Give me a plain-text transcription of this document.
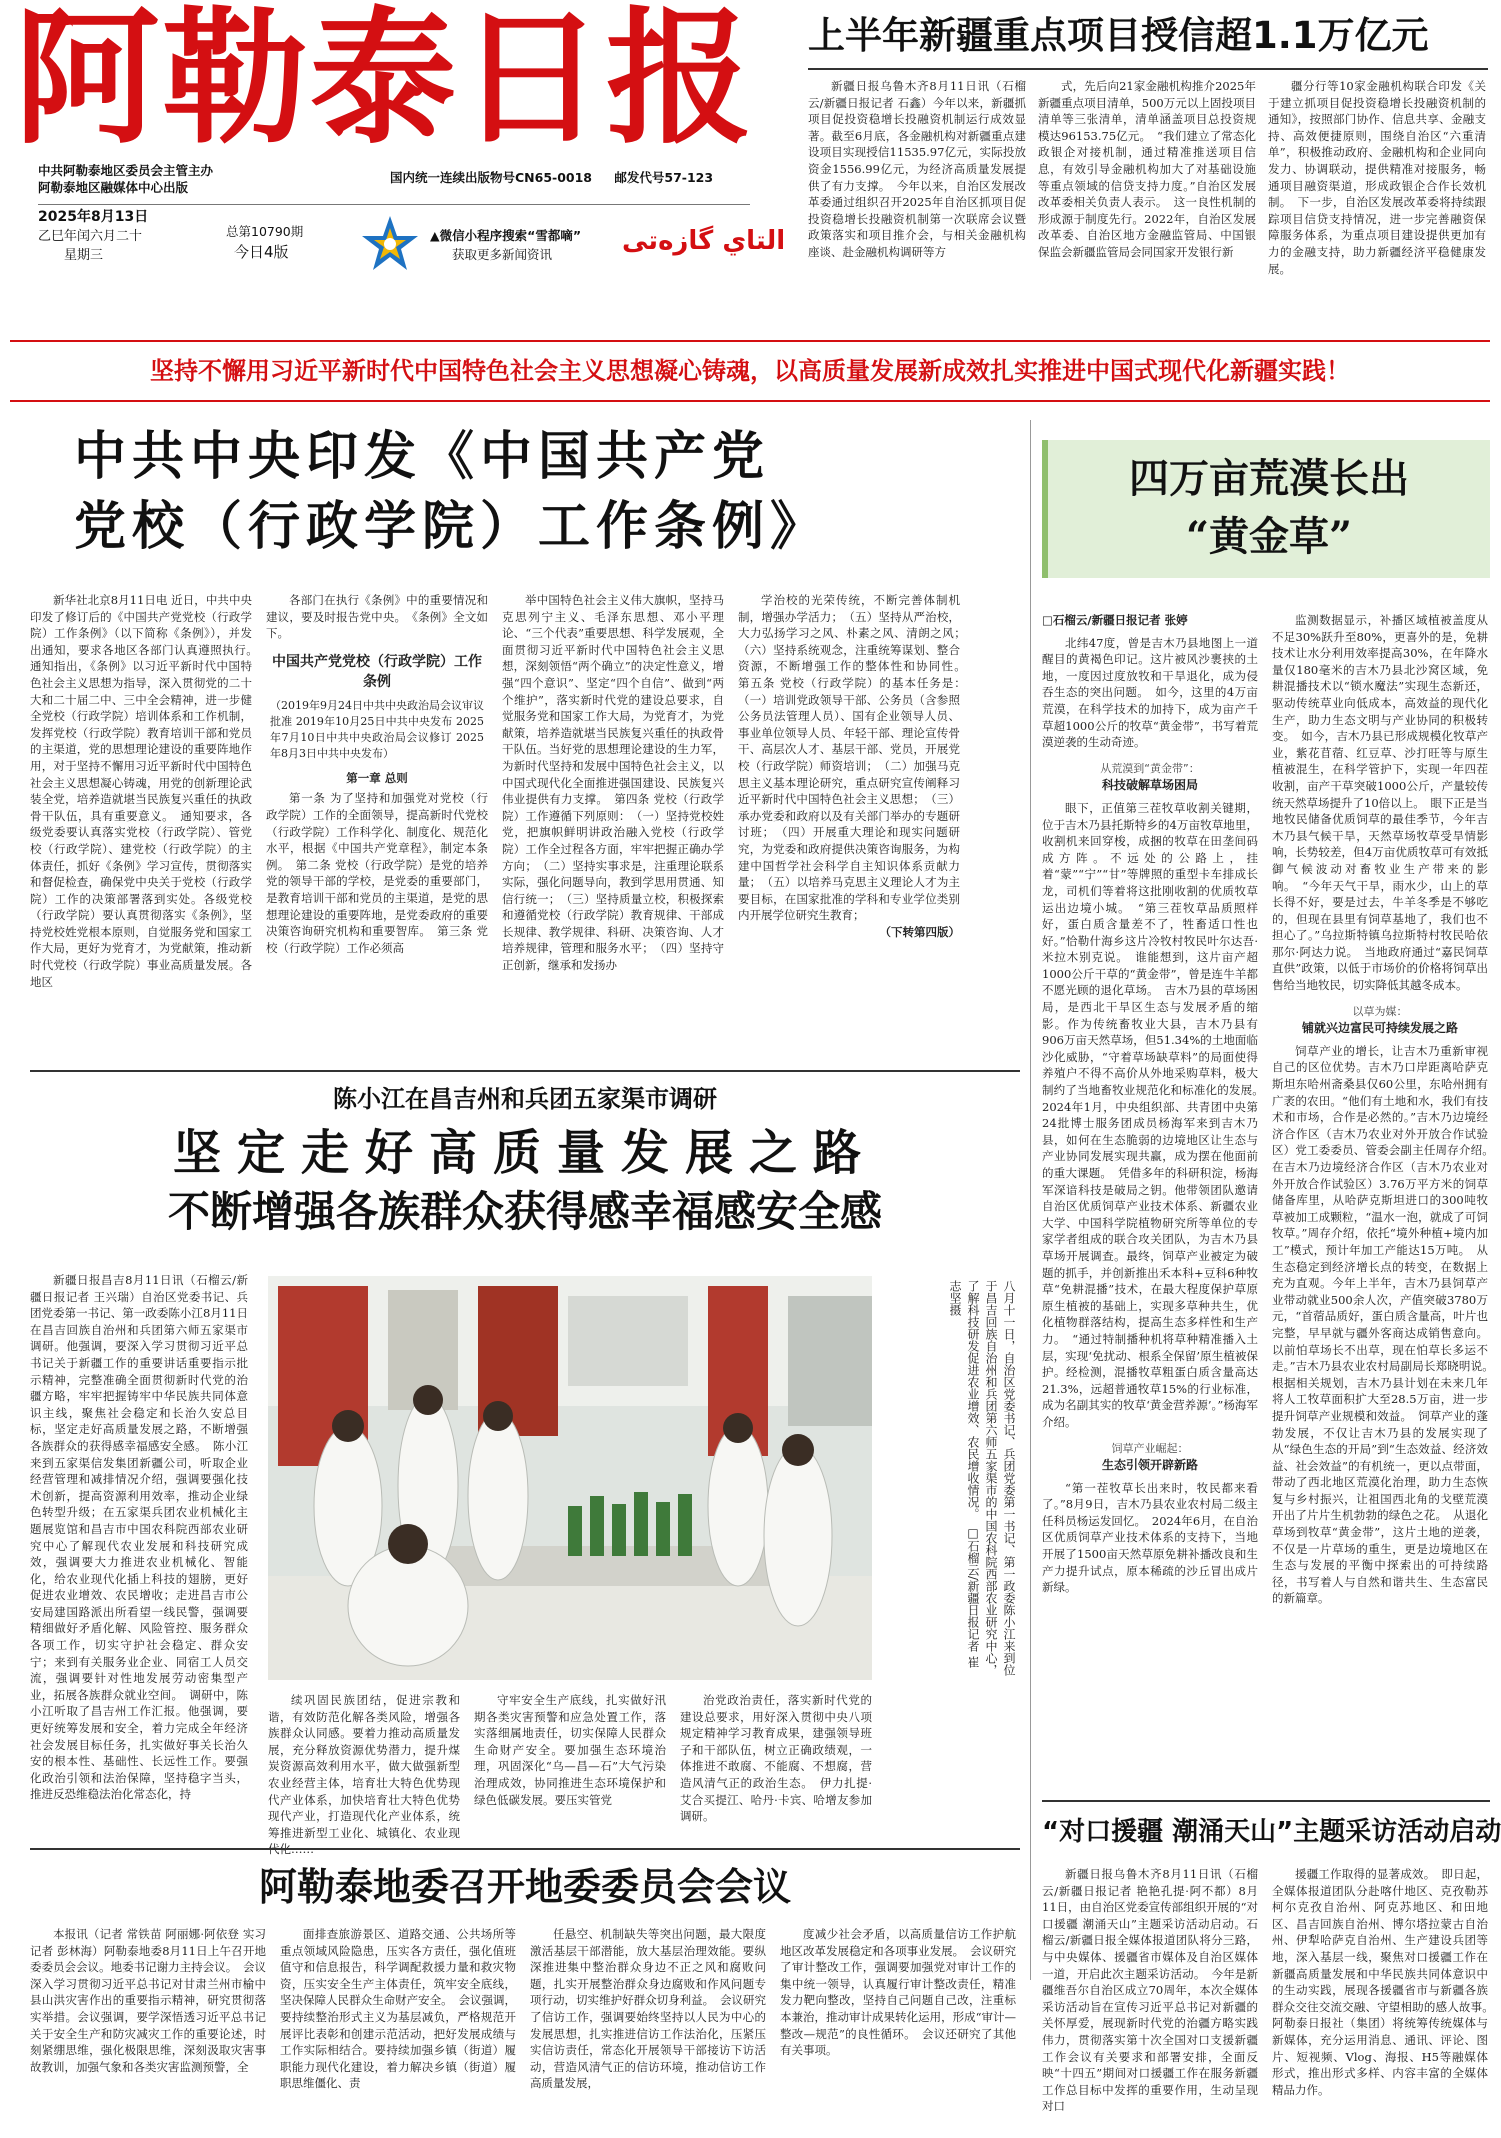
阿勒泰日报
中共阿勒泰地区委员会主管主办
阿勒泰地区融媒体中心出版
国内统一连续出版物号CN65-0018 邮发代号57-123
2025年8月13日
乙巳年闰六月二十
星期三
总第10790期
今日4版
▲微信小程序搜索“雪都嘀”
获取更多新闻资讯	التاي گازەتى
上半年新疆重点项目授信超1.1万亿元

新疆日报乌鲁木齐8月11日讯（石榴云/新疆日报记者 石鑫）今年以来，新疆抓项目促投资稳增长投融资机制运行成效显著。截至6月底，各金融机构对新疆重点建设项目实现授信11535.97亿元，实际投放资金1556.99亿元，为经济高质量发展提供了有力支撑。　今年以来，自治区发展改革委通过组织召开2025年自治区抓项目促投资稳增长投融资机制第一次联席会议暨政策落实和项目推介会，与相关金融机构座谈、赴金融机构调研等方

式，先后向21家金融机构推介2025年新疆重点项目清单，500万元以上固投项目清单等三张清单，清单涵盖项目总投资规模达96153.75亿元。　“我们建立了常态化政银企对接机制，通过精准推送项目信息，有效引导金融机构加大了对基础设施等重点领域的信贷支持力度。”自治区发展改革委相关负责人表示。　这一良性机制的形成源于制度先行。2022年，自治区发展改革委、自治区地方金融监管局、中国银保监会新疆监管局会同国家开发银行新

疆分行等10家金融机构联合印发《关于建立抓项目促投资稳增长投融资机制的通知》，按照部门协作、信息共享、金融支持、高效便捷原则，围绕自治区“六重清单”，积极推动政府、金融机构和企业同向发力、协调联动，提供精准对接服务，畅通项目融资渠道，形成政银企合作长效机制。　下一步，自治区发展改革委将持续跟踪项目信贷支持情况，进一步完善融资保障服务体系，为重点项目建设提供更加有力的金融支持，助力新疆经济平稳健康发展。

坚持不懈用习近平新时代中国特色社会主义思想凝心铸魂，以高质量发展新成效扎实推进中国式现代化新疆实践！
中共中央印发《中国共产党
党校（行政学院）工作条例》

新华社北京8月11日电 近日，中共中央印发了修订后的《中国共产党党校（行政学院）工作条例》（以下简称《条例》），并发出通知，要求各地区各部门认真遵照执行。　通知指出，《条例》以习近平新时代中国特色社会主义思想为指导，深入贯彻党的二十大和二十届二中、三中全会精神，进一步健全党校（行政学院）培训体系和工作机制，发挥党校（行政学院）教育培训干部和党员的主渠道，党的思想理论建设的重要阵地作用，对于坚持不懈用习近平新时代中国特色社会主义思想凝心铸魂，用党的创新理论武装全党，培养造就堪当民族复兴重任的执政骨干队伍，具有重要意义。　通知要求，各级党委要认真落实党校（行政学院）、管党校（行政学院）、建党校（行政学院）的主体责任，抓好《条例》学习宣传，贯彻落实和督促检查，确保党中央关于党校（行政学院）工作的决策部署落到实处。各级党校（行政学院）要认真贯彻落实《条例》，坚持党校姓党根本原则，自觉服务党和国家工作大局，更好为党育才，为党献策，推动新时代党校（行政学院）事业高质量发展。各地区

各部门在执行《条例》中的重要情况和建议，要及时报告党中央。　《条例》全文如下。

中国共产党党校（行政学院）工作条例
（2019年9月24日中共中央政治局会议审议批准 2019年10月25日中共中央发布 2025年7月10日中共中央政治局会议修订 2025年8月3日中共中央发布）
第一章 总则

第一条 为了坚持和加强党对党校（行政学院）工作的全面领导，提高新时代党校（行政学院）工作科学化、制度化、规范化水平，根据《中国共产党章程》，制定本条例。　第二条 党校（行政学院）是党的培养党的领导干部的学校，是党委的重要部门，是教育培训干部和党员的主渠道，是党的思想理论建设的重要阵地，是党委政府的重要决策咨询研究机构和重要智库。　第三条 党校（行政学院）工作必须高

举中国特色社会主义伟大旗帜，坚持马克思列宁主义、毛泽东思想、邓小平理论、“三个代表”重要思想、科学发展观，全面贯彻习近平新时代中国特色社会主义思想，深刻领悟“两个确立”的决定性意义，增强“四个意识”、坚定“四个自信”、做到“两个维护”，落实新时代党的建设总要求，自觉服务党和国家工作大局，为党育才，为党献策，培养造就堪当民族复兴重任的执政骨干队伍。当好党的思想理论建设的生力军，为新时代坚持和发展中国特色社会主义，以中国式现代化全面推进强国建设、民族复兴伟业提供有力支撑。　第四条 党校（行政学院）工作遵循下列原则：　（一）坚持党校姓党，把旗帜鲜明讲政治融入党校（行政学院）工作全过程各方面，牢牢把握正确办学方向；　（二）坚持实事求是，注重理论联系实际，强化问题导向，教到学思用贯通、知信行统一；　（三）坚持质量立校，积极探索和遵循党校（行政学院）教育规律、干部成长规律、教学规律、科研、决策咨询、人才培养规律，管理和服务水平；　（四）坚持守正创新，继承和发扬办

学治校的光荣传统，不断完善体制机制，增强办学活力；　（五）坚持从严治校，大力弘扬学习之风、朴素之风、清朗之风；　（六）坚持系统观念，注重统筹谋划、整合资源，不断增强工作的整体性和协同性。　第五条 党校（行政学院）的基本任务是：　（一）培训党政领导干部、公务员（含参照公务员法管理人员）、国有企业领导人员、事业单位领导人员、年轻干部、理论宣传骨干、高层次人才、基层干部、党员，开展党校（行政学院）师资培训；　（二）加强马克思主义基本理论研究，重点研究宣传阐释习近平新时代中国特色社会主义思想；　（三）承办党委和政府以及有关部门举办的专题研讨班；　（四）开展重大理论和现实问题研究，为党委和政府提供决策咨询服务，为构建中国哲学社会科学自主知识体系贡献力量；　（五）以培养马克思主义理论人才为主要目标，在国家批准的学科和专业学位类别内开展学位研究生教育；

（下转第四版）
四万亩荒漠长出
“黄金草”
□石榴云/新疆日报记者 张婷

北纬47度，曾是吉木乃县地图上一道醒目的黄褐色印记。这片被风沙裹挟的土地，一度因过度放牧和干旱退化，成为侵吞生态的突出问题。　如今，这里的4万亩荒漠，在科学技术的加持下，成为亩产千草超1000公斤的牧草“黄金带”，书写着荒漠逆袭的生动奇迹。

从荒漠到“黄金带”：
科技破解草场困局

眼下，正值第三茬牧草收割关键期，位于吉木乃县托斯特乡的4万亩牧草地里，收割机来回穿梭，成捆的牧草在田垄间码成方阵。不远处的公路上，挂着“蒙”“宁”“甘”等牌照的重型卡车排成长龙，司机们等着将这批刚收割的优质牧草运出边境小城。　“第三茬牧草品质照样好，蛋白质含量差不了，牲畜适口性也好。”恰勒什海乡这片冷牧村牧民叶尔达吾·米拉木别克说。　谁能想到，这片亩产超1000公斤干草的“黄金带”，曾是连牛羊都不愿光顾的退化草场。　吉木乃县的草场困局，是西北干旱区生态与发展矛盾的缩影。作为传统畜牧业大县，吉木乃县有906万亩天然草场，但51.34%的土地面临沙化威胁，“守着草场缺草料”的局面使得养殖户不得不高价从外地采购草料，极大制约了当地畜牧业规范化和标准化的发展。　2024年1月，中央组织部、共青团中央第24批博士服务团成员杨海军来到吉木乃县，如何在生态脆弱的边境地区让生态与产业协同发展实现共赢，成为摆在他面前的重大课题。　凭借多年的科研积淀，杨海军深谙科技是破局之钥。他带领团队邀请自治区优质饲草产业技术体系、新疆农业大学、中国科学院植物研究所等单位的专家学者组成的联合攻关团队，为吉木乃县草场开展调查。最终，饲草产业被定为破题的抓手，并创新推出禾本科+豆科6种牧草“免耕混播”技术，在最大程度保护草原原生植被的基础上，实现多草种共生，优化植物群落结构，提高生态多样性和生产力。　“通过特制播种机将草种精准播入土层，实现‘免扰动、根系全保留’原生植被保护。经检测，混播牧草粗蛋白质含量高达21.3%，远超普通牧草15%的行业标准，成为名副其实的牧草‘黄金营养源’。”杨海军介绍。

饲草产业崛起：
生态引领开辟新路

“第一茬牧草长出来时，牧民都来看了。”8月9日，吉木乃县农业农村局二级主任科员杨运发回忆。　2024年6月，在自治区优质饲草产业技术体系的支持下，当地开展了1500亩天然草原免耕补播改良和生产力提升试点，原本稀疏的沙丘冒出成片新绿。

监测数据显示，补播区域植被盖度从不足30%跃升至80%，更喜外的是，免耕技术让水分利用效率提高30%，在年降水量仅180毫米的吉木乃县北沙窝区域，免耕混播技术以“锁水魔法”实现生态新还，驱动传统草业向低成本，高效益的现代化生产，助力生态文明与产业协同的积极转变。　如今，吉木乃县已形成规模化牧草产业，紫花苜蓿、红豆草、沙打旺等与原生植被混生，在科学管护下，实现一年四茬收割，亩产干草突破1000公斤，产量较传统天然草场提升了10倍以上。　眼下正是当地牧民储备优质饲草的最佳季节，今年吉木乃县气候干旱，天然草场牧草受旱情影响，长势较差，但4万亩优质牧草可有效抵御气候波动对畜牧业生产带来的影响。　“今年天气干旱，雨水少，山上的草长得不好，要是过去，牛羊冬季是不够吃的，但现在县里有饲草基地了，我们也不担心了。”乌拉斯特镇乌拉斯特村牧民哈依那尔·阿达力说。　当地政府通过“嘉民饲草直供”政策，以低于市场价的价格将饲草出售给当地牧民，切实降低其越冬成本。

以草为媒：
铺就兴边富民可持续发展之路

饲草产业的增长，让吉木乃重新审视自己的区位优势。吉木乃口岸距离哈萨克斯坦东哈州斋桑县仅60公里，东哈州拥有广袤的农田。“他们有土地和水，我们有技术和市场，合作是必然的。”吉木乃边境经济合作区（吉木乃农业对外开放合作试验区）党工委委员、管委会副主任周存介绍。　在吉木乃边境经济合作区（吉木乃农业对外开放合作试验区）3.76万平方米的饲草储备库里，从哈萨克斯坦进口的300吨牧草被加工成颗粒，“温水一泡，就成了可饲牧草。”周存介绍，依托“境外种植+境内加工”模式，预计年加工产能达15万吨。　从生态稳定到经济增长点的转变，在数据上充为直观。今年上半年，吉木乃县饲草产业带动就业500余人次，产值突破3780万元，“首蓿品质好，蛋白质含量高，叶片也完整，早早就与疆外客商达成销售意向。以前怕草场长不出草，现在怕草长多运不走。”吉木乃县农业农村局副局长郑晓明说。　根据相关规划，吉木乃县计划在未来几年将人工牧草面积扩大至28.5万亩，进一步提升饲草产业规模和效益。　饲草产业的蓬勃发展，不仅让吉木乃县的发展实现了从“绿色生态的开局”到“生态效益、经济效益、社会效益”的有机统一，更以点带面，带动了西北地区荒漠化治理，助力生态恢复与乡村振兴，让祖国西北角的戈壁荒漠开出了片片生机勃勃的绿色之花。　从退化草场到牧草“黄金带”，这片土地的逆袭，不仅是一片草场的重生，更是边境地区在生态与发展的平衡中探索出的可持续路径，书写着人与自然和谐共生、生态富民的新篇章。

陈小江在昌吉州和兵团五家渠市调研
坚定走好高质量发展之路
不断增强各族群众获得感幸福感安全感

新疆日报昌吉8月11日讯（石榴云/新疆日报记者 王兴瑞）自治区党委书记、兵团党委第一书记、第一政委陈小江8月11日在昌吉回族自治州和兵团第六师五家渠市调研。他强调，要深入学习贯彻习近平总书记关于新疆工作的重要讲话重要指示批示精神，完整准确全面贯彻新时代党的治疆方略，牢牢把握铸牢中华民族共同体意识主线，聚焦社会稳定和长治久安总目标，坚定走好高质量发展之路，不断增强各族群众的获得感幸福感安全感。　陈小江来到五家渠信发集团新疆公司，听取企业经营管理和减排情况介绍，强调要强化技术创新，提高资源利用效率，推动企业绿色转型升级；在五家渠兵团农业机械化主题展览馆和昌吉市中国农科院西部农业研究中心了解现代农业发展和科技研究成效，强调要大力推进农业机械化、智能化，给农业现代化插上科技的翅膀，更好促进农业增效、农民增收；走进昌吉市公安局建国路派出所看望一线民警，强调要精细做好矛盾化解、风险管控、服务群众各项工作，切实守护社会稳定、群众安宁；来到有关服务业企业、同宿工人员交流，强调要针对性地发展劳动密集型产业，拓展各族群众就业空间。　调研中，陈小江听取了昌吉州工作汇报。他强调，要更好统筹发展和安全，着力完成全年经济社会发展目标任务，扎实做好事关长治久安的根本性、基础性、长远性工作。要强化政治引领和法治保障，坚持稳字当头，推进反恐维稳法治化常态化，持

八月十一日，自治区党委书记、兵团党委第一书记、第一政委陈小江来到位于昌吉回族自治州和兵团第六师五家渠市的中国农科院西部农业研究中心，了解科技研发促进农业增效、农民增收情况。　□石榴云/新疆日报记者 崔志坚摄

续巩固民族团结，促进宗教和谐，有效防范化解各类风险，增强各族群众认同感。要着力推动高质量发展，充分释放资源优势潜力，提升煤炭资源高效利用水平，做大做强新型农业经营主体，培育壮大特色优势现代产业体系，加快培育壮大特色优势现代产业，打造现代化产业体系，统筹推进新型工业化、城镇化、农业现

守牢安全生产底线，扎实做好汛期各类灾害预警和应急处置工作，落实落细属地责任，切实保障人民群众生命财产安全。要加强生态环境治理，巩固深化“乌—昌—石”大气污染治理成效，协同推进生态环境保护和绿色低碳发展。要压实管党

治党政治责任，落实新时代党的建设总要求，用好深入贯彻中央八项规定精神学习教育成果，建强领导班子和干部队伍，树立正确政绩观，一体推进不敢腐、不能腐、不想腐，营造风清气正的政治生态。　伊力扎提·艾合买提江、哈丹·卡宾、哈增友参加调研。

阿勒泰地委召开地委委员会会议

本报讯（记者 常铁苗 阿丽娜·阿依登 实习记者 彭林海）阿勒泰地委8月11日上午召开地委委员会会议。地委书记谢力主持会议。　会议深入学习贯彻习近平总书记对甘肃兰州市榆中县山洪灾害作出的重要指示精神，研究贯彻落实举措。会议强调，要学深悟透习近平总书记关于安全生产和防灾减灾工作的重要论述，时刻紧绷思维，强化极限思维，深刻汲取灾害事故教训，加强气象和各类灾害监测预警，全

面排查旅游景区、道路交通、公共场所等重点领域风险隐患，压实各方责任，强化值班值守和信息报告，科学调配救援力量和救灾物资，压实安全生产主体责任，筑牢安全底线，坚决保障人民群众生命财产安全。　会议强调，要持续整治形式主义为基层减负，严格规范开展评比表彰和创建示范活动，把好发展成绩与工作实际相结合。要持续加强乡镇（街道）履职能力现代化建设，着力解决乡镇（街道）履职思维僵化、责

任悬空、机制缺失等突出问题，最大限度激活基层干部潜能，放大基层治理效能。要纵深推进集中整治群众身边不正之风和腐败问题，扎实开展整治群众身边腐败和作风问题专项行动，切实维护好群众切身利益。　会议研究了信访工作，强调要始终坚持以人民为中心的发展思想，扎实推进信访工作法治化，压紧压实信访责任，常态化开展领导干部接访下访活动，营造风清气正的信访环境，推动信访工作高质量发展，

度减少社会矛盾，以高质量信访工作护航地区改革发展稳定和各项事业发展。　会议研究了审计整改工作，强调要加强党对审计工作的集中统一领导，认真履行审计整改责任，精准发力靶向整改，坚持自己问题自己改，注重标本兼治，推动审计成果转化运用，形成“审计—整改—规范”的良性循环。　会议还研究了其他有关事项。

“对口援疆 潮涌天山”主题采访活动启动

新疆日报乌鲁木齐8月11日讯（石榴云/新疆日报记者 艳艳孔提·阿不都）8月11日，由自治区党委宣传部组织开展的“对口援疆 潮涌天山”主题采访活动启动。石榴云/新疆日报全媒体报道团队将分三路，与中央媒体、援疆省市媒体及自治区媒体一道，开启此次主题采访活动。　今年是新疆维吾尔自治区成立70周年，本次全媒体采访活动旨在宣传习近平总书记对新疆的关怀厚爱，展现新时代党的治疆方略实践伟力，贯彻落实第十次全国对口支援新疆工作会议有关要求和部署安排，全面反映“十四五”期间对口援疆工作在服务新疆工作总目标中发挥的重要作用，生动呈现对口

援疆工作取得的显著成效。　即日起，全媒体报道团队分赴喀什地区、克孜勒苏柯尔克孜自治州、阿克苏地区、和田地区、昌吉回族自治州、博尔塔拉蒙古自治州、伊犁哈萨克自治州、生产建设兵团等地，深入基层一线，聚焦对口援疆工作在新疆高质量发展和中华民族共同体意识中的生动实践，展现各援疆省市与新疆各族群众交往交流交融、守望相助的感人故事。　阿勒泰日报社（集团）将统筹传统媒体与新媒体，充分运用消息、通讯、评论、图片、短视频、Vlog、海报、H5等融媒体形式，推出形式多样、内容丰富的全媒体精品力作。
